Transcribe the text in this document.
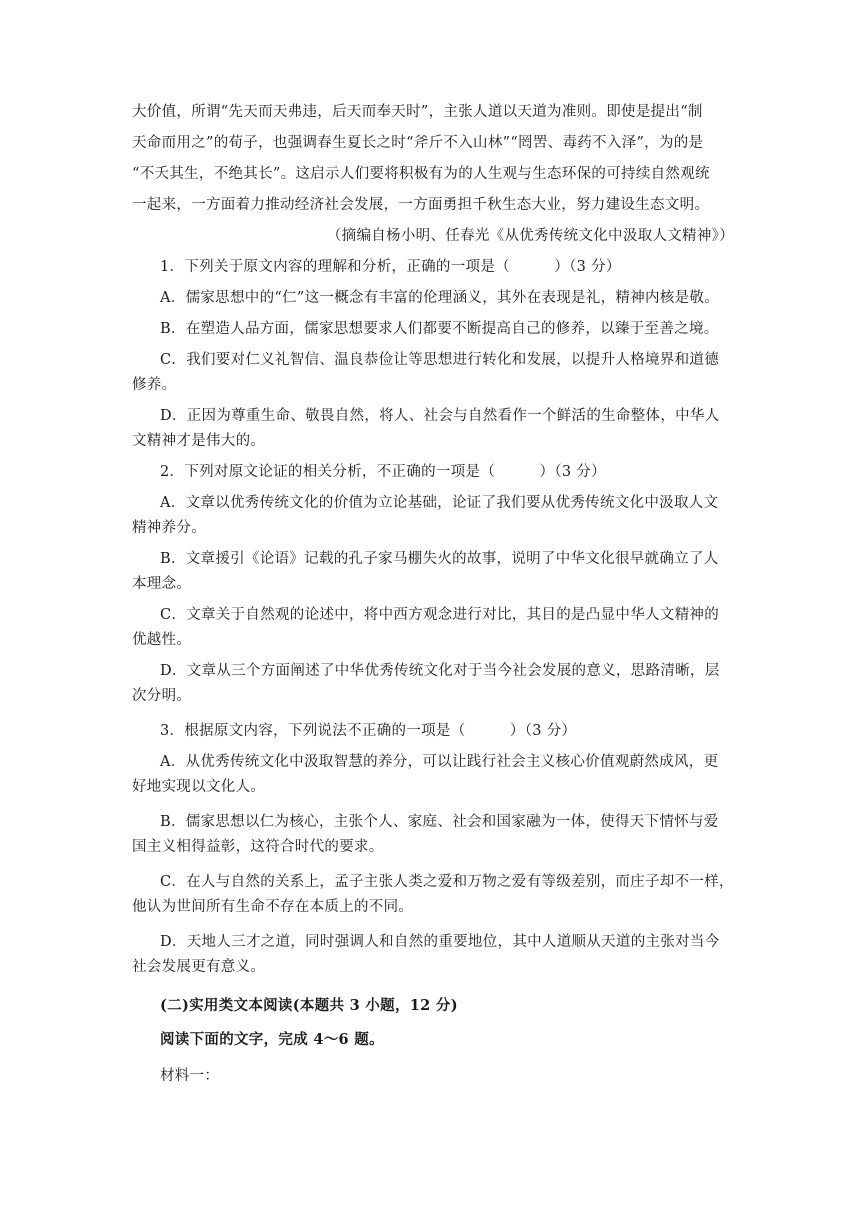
大价值，所谓“先天而天弗违，后天而奉天时”，主张人道以天道为准则。即使是提出“制
天命而用之”的荀子，也强调春生夏长之时“斧斤不入山林”“罔罟、毒药不入泽”，为的是
“不夭其生，不绝其长”。这启示人们要将积极有为的人生观与生态环保的可持续自然观统
一起来，一方面着力推动经济社会发展，一方面勇担千秋生态大业，努力建设生态文明。
（摘编自杨小明、任春光《从优秀传统文化中汲取人文精神》）
1．下列关于原文内容的理解和分析，正确的一项是（　　　）（3 分）
A．儒家思想中的“仁”这一概念有丰富的伦理涵义，其外在表现是礼，精神内核是敬。
B．在塑造人品方面，儒家思想要求人们都要不断提高自己的修养，以臻于至善之境。
C．我们要对仁义礼智信、温良恭俭让等思想进行转化和发展，以提升人格境界和道德
修养。
D．正因为尊重生命、敬畏自然，将人、社会与自然看作一个鲜活的生命整体，中华人
文精神才是伟大的。
2．下列对原文论证的相关分析，不正确的一项是（　　　）（3 分）
A．文章以优秀传统文化的价值为立论基础，论证了我们要从优秀传统文化中汲取人文
精神养分。
B．文章援引《论语》记载的孔子家马棚失火的故事，说明了中华文化很早就确立了人
本理念。
C．文章关于自然观的论述中，将中西方观念进行对比，其目的是凸显中华人文精神的
优越性。
D．文章从三个方面阐述了中华优秀传统文化对于当今社会发展的意义，思路清晰，层
次分明。
3．根据原文内容，下列说法不正确的一项是（　　　）（3 分）
A．从优秀传统文化中汲取智慧的养分，可以让践行社会主义核心价值观蔚然成风，更
好地实现以文化人。
B．儒家思想以仁为核心，主张个人、家庭、社会和国家融为一体，使得天下情怀与爱
国主义相得益彰，这符合时代的要求。
C．在人与自然的关系上，孟子主张人类之爱和万物之爱有等级差别，而庄子却不一样，
他认为世间所有生命不存在本质上的不同。
D．天地人三才之道，同时强调人和自然的重要地位，其中人道顺从天道的主张对当今
社会发展更有意义。
(二)实用类文本阅读(本题共 3 小题，12 分)
阅读下面的文字，完成 4～6 题。
材料一：
